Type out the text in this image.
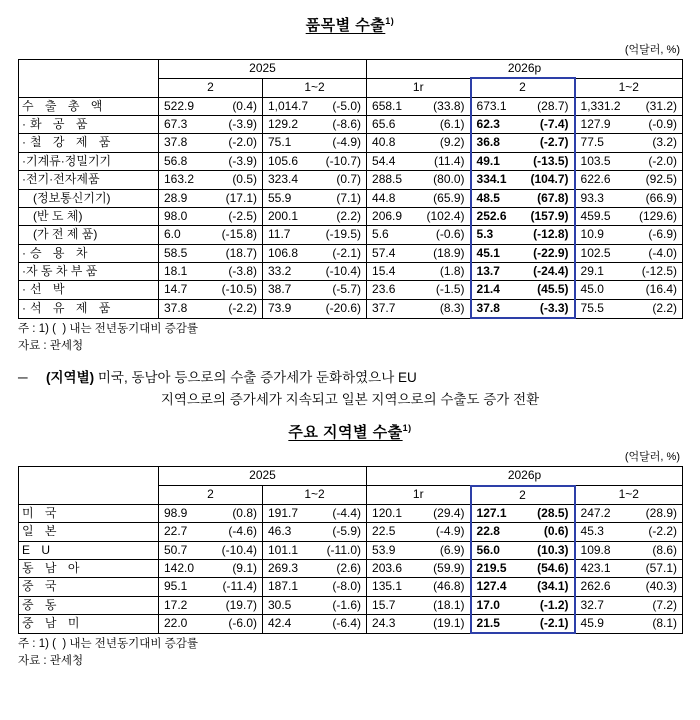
품목별 수출$^{1)}$
(억달러, %)
	2025		2026p		
	2	1~2	1r	2	1~2
수 출 총 액	522.9 (0.4)	1,014.7 (-5.0)	658.1 (33.8)	673.1 (28.7)	1,331.2 (31.2)

·화 공 품	67.3 (-3.9)	129.2 (-8.6)	65.6 (6.1)	62.3 (-7.4)	127.9 (-0.9)

·철 강 제 품	37.8 (-2.0)	75.1 (-4.9)	40.8 (9.2)	36.8 (-2.7)	77.5 (3.2)

·기계류·정밀기기	56.8 (-3.9)	105.6 (-10.7)	54.4 (11.4)	49.1 (-13.5)	103.5 (-2.0)

·전기·전자제품	163.2 (0.5)	323.4 (0.7)	288.5 (80.0)	334.1 (104.7)	622.6 (92.5)

(정보통신기기)	28.9 (17.1)	55.9 (7.1)	44.8 (65.9)	48.5 (67.8)	93.3 (66.9)

(반 도 체)	98.0 (-2.5)	200.1 (2.2)	206.9 (102.4)	252.6 (157.9)	459.5 (129.6)

(가 전 제 품)	6.0 (-15.8)	11.7 (-19.5)	5.6 (-0.6)	5.3 (-12.8)	10.9 (-6.9)

·승 용 차	58.5 (18.7)	106.8 (-2.1)	57.4 (18.9)	45.1 (-22.9)	102.5 (-4.0)

·자 동 차 부 품	18.1 (-3.8)	33.2 (-10.4)	15.4 (1.8)	13.7 (-24.4)	29.1 (-12.5)

·선 박	14.7 (-10.5)	38.7 (-5.7)	23.6 (-1.5)	21.4 (45.5)	45.0 (16.4)

·석 유 제 품	37.8 (-2.2)	73.9 (-20.6)	37.7 (8.3)	37.8 (-3.3)	75.5 (2.2)
주 : 1) (  ) 내는 전년동기대비 증감률
자료 : 관세청
─ (지역별) 미국, 동남아 등으로의 수출 증가세가 둔화하였으나 EU
지역으로의 증가세가 지속되고 일본 지역으로의 수출도 증가 전환
주요 지역별 수출$^{1)}$
(억달러, %)
	2025		2026p		
	2	1~2	1r	2	1~2
미 국	98.9 (0.8)	191.7 (-4.4)	120.1 (29.4)	127.1 (28.5)	247.2 (28.9)

일 본	22.7 (-4.6)	46.3 (-5.9)	22.5 (-4.9)	22.8 (0.6)	45.3 (-2.2)

E U	50.7 (-10.4)	101.1 (-11.0)	53.9 (6.9)	56.0 (10.3)	109.8 (8.6)

동 남 아	142.0 (9.1)	269.3 (2.6)	203.6 (59.9)	219.5 (54.6)	423.1 (57.1)

중 국	95.1 (-11.4)	187.1 (-8.0)	135.1 (46.8)	127.4 (34.1)	262.6 (40.3)

중 동	17.2 (19.7)	30.5 (-1.6)	15.7 (18.1)	17.0 (-1.2)	32.7 (7.2)

중 남 미	22.0 (-6.0)	42.4 (-6.4)	24.3 (19.1)	21.5 (-2.1)	45.9 (8.1)
주 : 1) (  ) 내는 전년동기대비 증감률
자료 : 관세청
